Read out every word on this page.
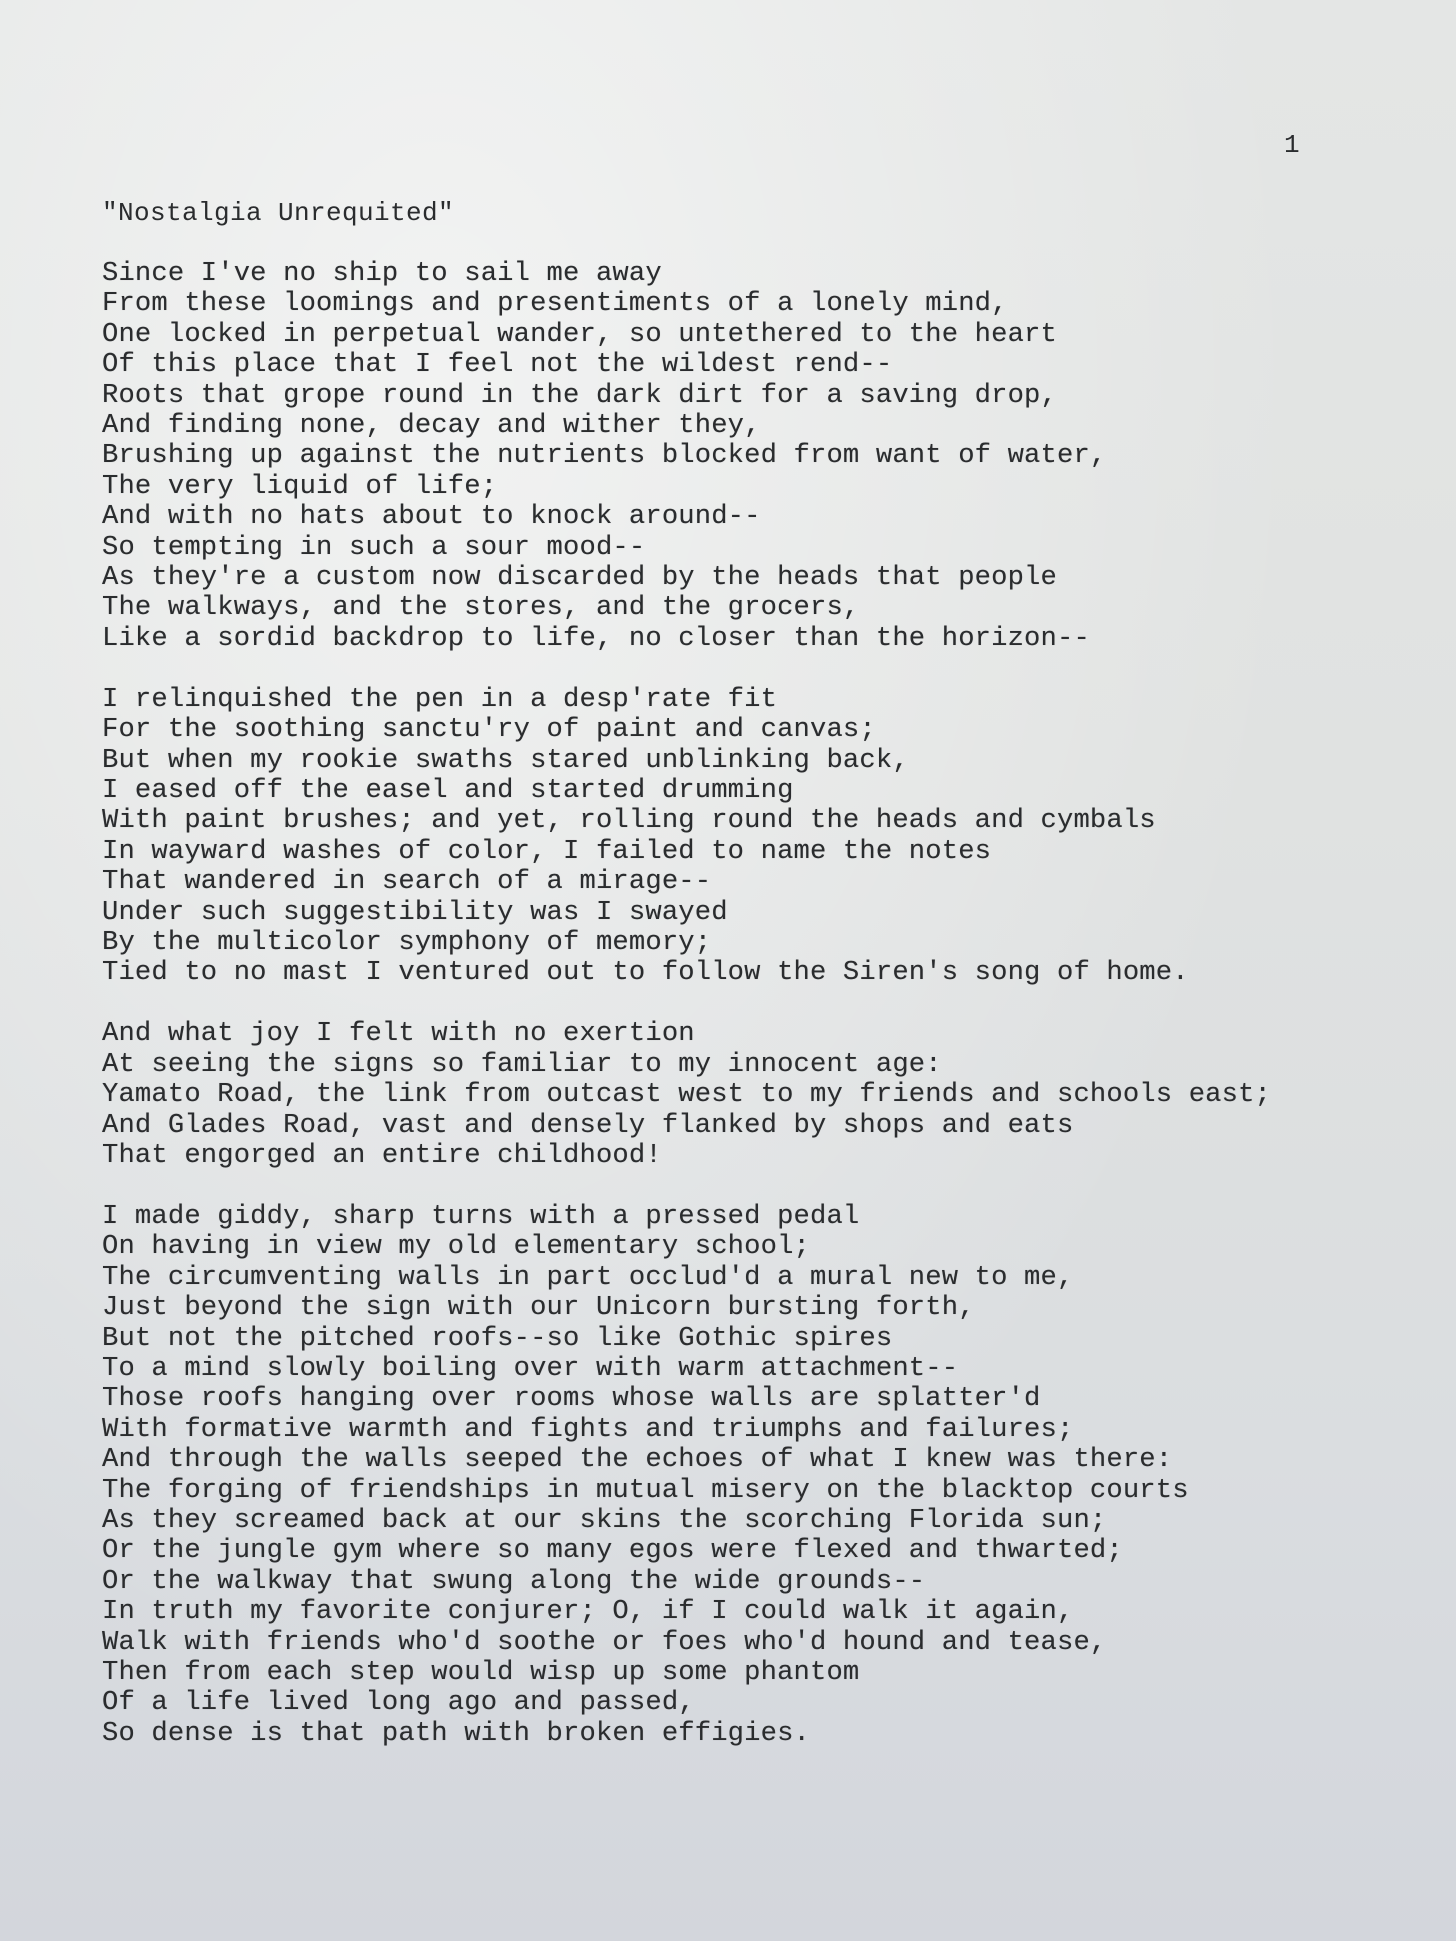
1

"Nostalgia Unrequited"

Since I've no ship to sail me away
From these loomings and presentiments of a lonely mind,
One locked in perpetual wander, so untethered to the heart
Of this place that I feel not the wildest rend--
Roots that grope round in the dark dirt for a saving drop,
And finding none, decay and wither they,
Brushing up against the nutrients blocked from want of water,
The very liquid of life;
And with no hats about to knock around--
So tempting in such a sour mood--
As they're a custom now discarded by the heads that people
The walkways, and the stores, and the grocers,
Like a sordid backdrop to life, no closer than the horizon--
I relinquished the pen in a desp'rate fit
For the soothing sanctu'ry of paint and canvas;
But when my rookie swaths stared unblinking back,
I eased off the easel and started drumming
With paint brushes; and yet, rolling round the heads and cymbals
In wayward washes of color, I failed to name the notes
That wandered in search of a mirage--
Under such suggestibility was I swayed
By the multicolor symphony of memory;
Tied to no mast I ventured out to follow the Siren's song of home.
And what joy I felt with no exertion
At seeing the signs so familiar to my innocent age:
Yamato Road, the link from outcast west to my friends and schools east;
And Glades Road, vast and densely flanked by shops and eats
That engorged an entire childhood!
I made giddy, sharp turns with a pressed pedal
On having in view my old elementary school;
The circumventing walls in part occlud'd a mural new to me,
Just beyond the sign with our Unicorn bursting forth,
But not the pitched roofs--so like Gothic spires
To a mind slowly boiling over with warm attachment--
Those roofs hanging over rooms whose walls are splatter'd
With formative warmth and fights and triumphs and failures;
And through the walls seeped the echoes of what I knew was there:
The forging of friendships in mutual misery on the blacktop courts
As they screamed back at our skins the scorching Florida sun;
Or the jungle gym where so many egos were flexed and thwarted;
Or the walkway that swung along the wide grounds--
In truth my favorite conjurer; O, if I could walk it again,
Walk with friends who'd soothe or foes who'd hound and tease,
Then from each step would wisp up some phantom
Of a life lived long ago and passed,
So dense is that path with broken effigies.
